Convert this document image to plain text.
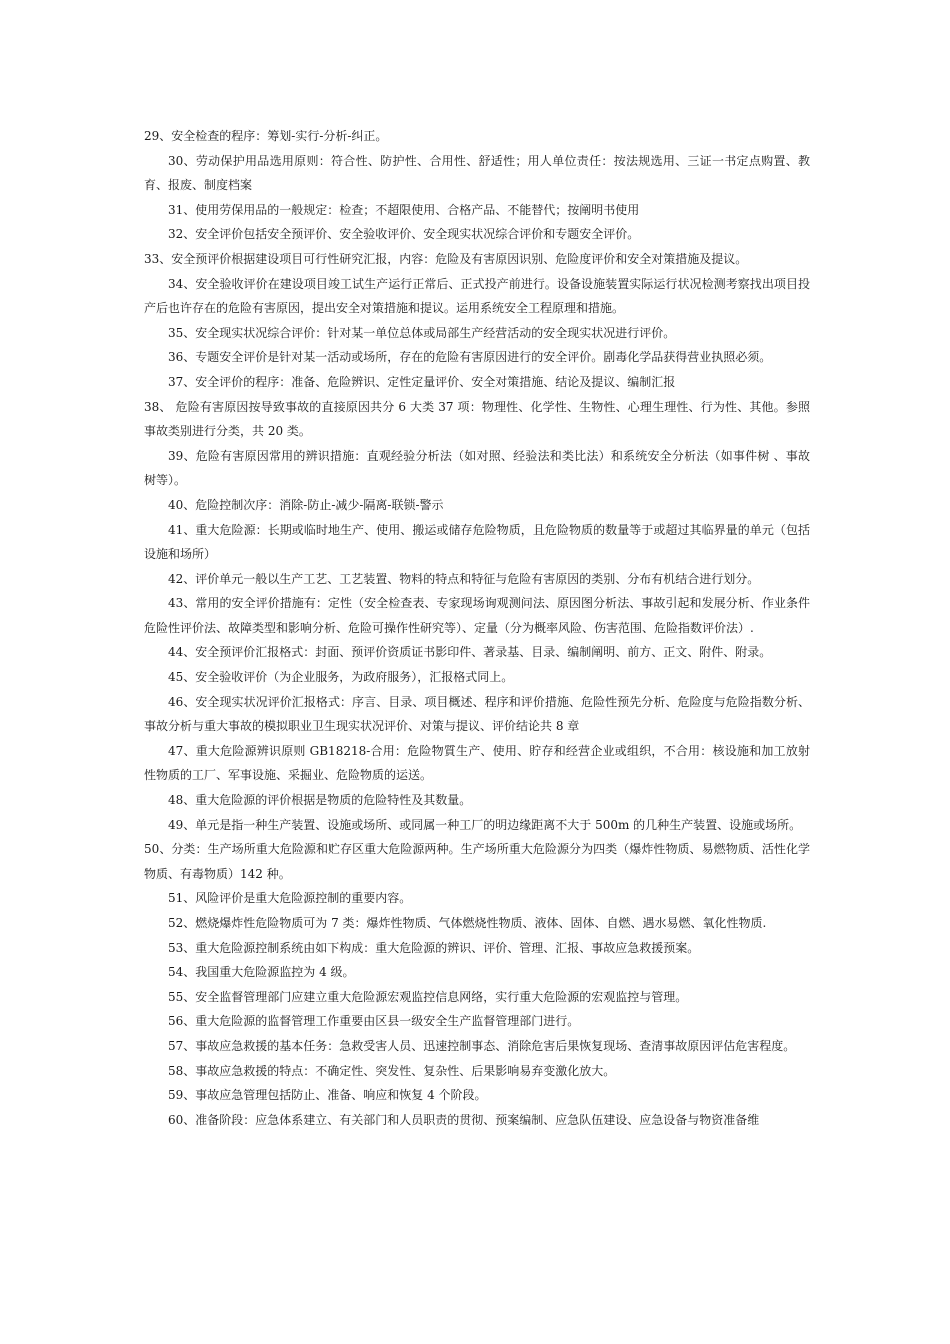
29、安全检查的程序：筹划-实行-分析-纠正。

30、劳动保护用品选用原则：符合性、防护性、合用性、舒适性；用人单位责任：按法规选用、三证一书定点购置、教育、报废、制度档案

31、使用劳保用品的一般规定：检查；不超限使用、合格产品、不能替代；按阐明书使用

32、安全评价包括安全预评价、安全验收评价、安全现实状况综合评价和专题安全评价。

33、安全预评价根据建设项目可行性研究汇报，内容：危险及有害原因识别、危险度评价和安全对策措施及提议。

34、安全验收评价在建设项目竣工试生产运行正常后、正式投产前进行。设备设施装置实际运行状况检测考察找出项目投产后也许存在的危险有害原因，提出安全对策措施和提议。运用系统安全工程原理和措施。

35、安全现实状况综合评价：针对某一单位总体或局部生产经营活动的安全现实状况进行评价。

36、专题安全评价是针对某一活动或场所，存在的危险有害原因进行的安全评价。剧毒化学品获得营业执照必须。

37、安全评价的程序：准备、危险辨识、定性定量评价、安全对策措施、结论及提议、编制汇报

38、 危险有害原因按导致事故的直接原因共分 6 大类 37 项：物理性、化学性、生物性、心理生理性、行为性、其他。参照事故类别进行分类，共 20 类。

39、危险有害原因常用的辨识措施：直观经验分析法（如对照、经验法和类比法）和系统安全分析法（如事件树 、事故树等）。

40、危险控制次序：消除-防止-减少-隔离-联锁-警示

41、重大危险源：长期或临时地生产、使用、搬运或储存危险物质，且危险物质的数量等于或超过其临界量的单元（包括设施和场所）

42、评价单元一般以生产工艺、工艺装置、物料的特点和特征与危险有害原因的类别、分布有机结合进行划分。

43、常用的安全评价措施有：定性（安全检查表、专家现场询观测问法、原因图分析法、事故引起和发展分析、作业条件危险性评价法、故障类型和影响分析、危险可操作性研究等）、定量（分为概率风险、伤害范围、危险指数评价法）.

44、安全预评价汇报格式：封面、预评价资质证书影印件、著录基、目录、编制阐明、前方、正文、附件、附录。

45、安全验收评价（为企业服务，为政府服务），汇报格式同上。

46、安全现实状况评价汇报格式：序言、目录、项目概述、程序和评价措施、危险性预先分析、危险度与危险指数分析、事故分析与重大事故的模拟职业卫生现实状况评价、对策与提议、评价结论共 8 章

47、重大危险源辨识原则 GB18218-合用：危险物質生产、使用、貯存和经营企业或组织，不合用：核设施和加工放射性物质的工厂、军事设施、采掘业、危险物质的运送。

48、重大危险源的评价根据是物质的危险特性及其数量。

49、单元是指一种生产装置、设施或场所、或同属一种工厂的明边缘距离不大于 500m 的几种生产装置、设施或场所。

50、分类：生产场所重大危险源和贮存区重大危险源两种。生产场所重大危险源分为四类（爆炸性物质、易燃物质、活性化学物质、有毒物质）142 种。

51、风险评价是重大危险源控制的重要内容。

52、燃烧爆炸性危险物质可为 7 类：爆炸性物质、气体燃烧性物质、液体、固体、自燃、遇水易燃、氧化性物质.

53、重大危险源控制系统由如下构成：重大危险源的辨识、评价、管理、汇报、事故应急救援预案。

54、我国重大危险源监控为 4 级。

55、安全监督管理部门应建立重大危险源宏观监控信息网络，实行重大危险源的宏观监控与管理。

56、重大危险源的监督管理工作重要由区县一级安全生产监督管理部门进行。

57、事故应急救援的基本任务：急救受害人员、迅速控制事态、消除危害后果恢复现场、查清事故原因评估危害程度。

58、事故应急救援的特点：不确定性、突发性、复杂性、后果影响易弃变激化放大。

59、事故应急管理包括防止、准备、响应和恢复 4 个阶段。

60、准备阶段：应急体系建立、有关部门和人员职责的贯彻、预案编制、应急队伍建设、应急设备与物资准备维
